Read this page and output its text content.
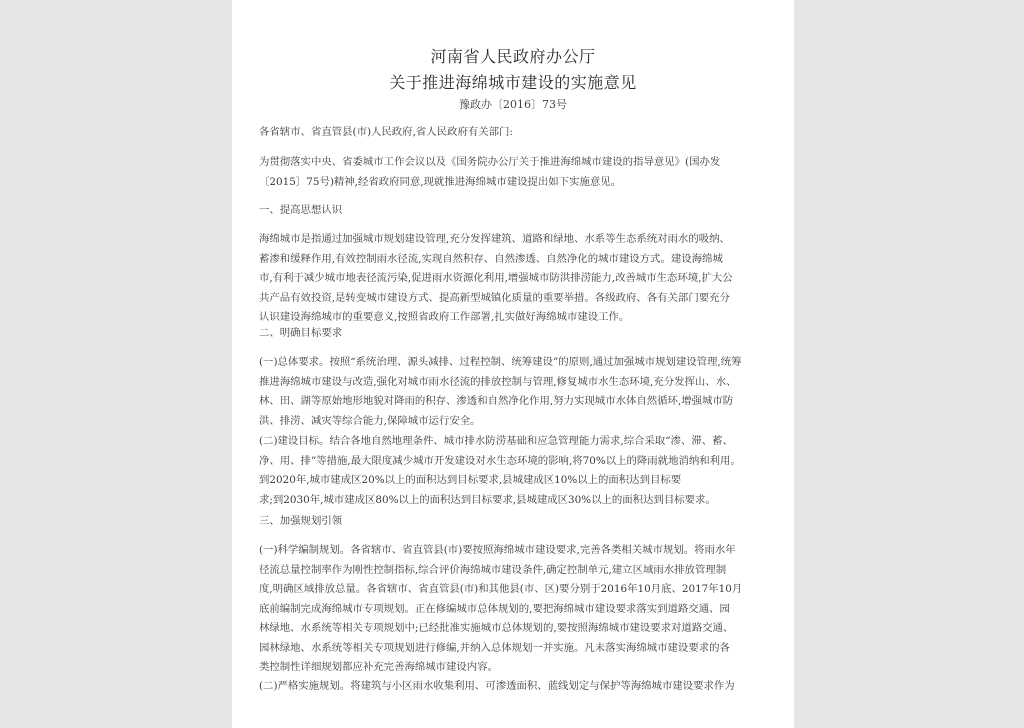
河南省人民政府办公厅
关于推进海绵城市建设的实施意见
豫政办〔2016〕73号

各省辖市、省直管县(市)人民政府,省人民政府有关部门:

为贯彻落实中央、省委城市工作会议以及《国务院办公厅关于推进海绵城市建设的指导意见》(国办发
〔2015〕75号)精神,经省政府同意,现就推进海绵城市建设提出如下实施意见。

一、提高思想认识

海绵城市是指通过加强城市规划建设管理,充分发挥建筑、道路和绿地、水系等生态系统对雨水的吸纳、
蓄渗和缓释作用,有效控制雨水径流,实现自然积存、自然渗透、自然净化的城市建设方式。建设海绵城
市,有利于减少城市地表径流污染,促进雨水资源化利用,增强城市防洪排涝能力,改善城市生态环境,扩大公
共产品有效投资,是转变城市建设方式、提高新型城镇化质量的重要举措。各级政府、各有关部门要充分
认识建设海绵城市的重要意义,按照省政府工作部署,扎实做好海绵城市建设工作。

二、明确目标要求

(一)总体要求。按照“系统治理、源头减排、过程控制、统筹建设”的原则,通过加强城市规划建设管理,统筹
推进海绵城市建设与改造,强化对城市雨水径流的排放控制与管理,修复城市水生态环境,充分发挥山、水、
林、田、湖等原始地形地貌对降雨的积存、渗透和自然净化作用,努力实现城市水体自然循环,增强城市防
洪、排涝、减灾等综合能力,保障城市运行安全。

(二)建设目标。结合各地自然地理条件、城市排水防涝基础和应急管理能力需求,综合采取“渗、滞、蓄、
净、用、排”等措施,最大限度减少城市开发建设对水生态环境的影响,将70%以上的降雨就地消纳和利用。
到2020年,城市建成区20%以上的面积达到目标要求,县城建成区10%以上的面积达到目标要
求;到2030年,城市建成区80%以上的面积达到目标要求,县城建成区30%以上的面积达到目标要求。

三、加强规划引领

(一)科学编制规划。各省辖市、省直管县(市)要按照海绵城市建设要求,完善各类相关城市规划。将雨水年
径流总量控制率作为刚性控制指标,综合评价海绵城市建设条件,确定控制单元,建立区域雨水排放管理制
度,明确区域排放总量。各省辖市、省直管县(市)和其他县(市、区)要分别于2016年10月底、2017年10月
底前编制完成海绵城市专项规划。正在修编城市总体规划的,要把海绵城市建设要求落实到道路交通、园
林绿地、水系统等相关专项规划中;已经批准实施城市总体规划的,要按照海绵城市建设要求对道路交通、
园林绿地、水系统等相关专项规划进行修编,并纳入总体规划一并实施。凡未落实海绵城市建设要求的各
类控制性详细规划都应补充完善海绵城市建设内容。

(二)严格实施规划。将建筑与小区雨水收集利用、可渗透面积、蓝线划定与保护等海绵城市建设要求作为
